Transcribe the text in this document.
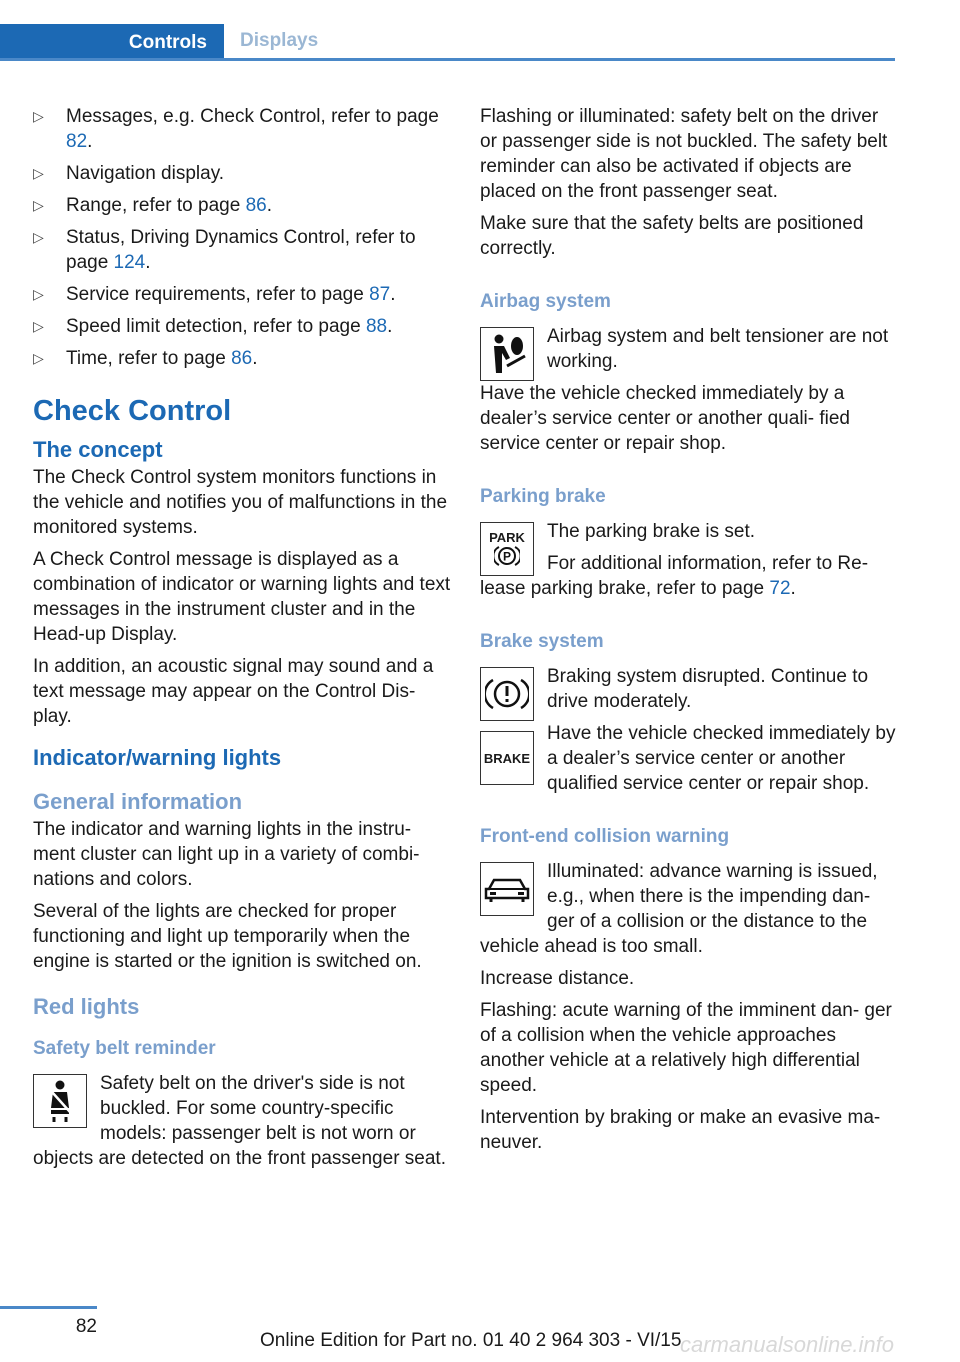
Controls Displays
▷ Messages, e.g. Check Control, refer to page 82.
▷ Navigation display.
▷ Range, refer to page 86.
▷ Status, Driving Dynamics Control, refer to page 124.
▷ Service requirements, refer to page 87.
▷ Speed limit detection, refer to page 88.
▷ Time, refer to page 86.
Check Control
The concept

The Check Control system monitors functions in the vehicle and notifies you of malfunctions in the monitored systems.

A Check Control message is displayed as a combination of indicator or warning lights and text messages in the instrument cluster and in the Head-up Display.

In addition, an acoustic signal may sound and a text message may appear on the Control Dis‐ play.

Indicator/warning lights
General information

The indicator and warning lights in the instru‐ ment cluster can light up in a variety of combi‐ nations and colors.

Several of the lights are checked for proper functioning and light up temporarily when the engine is started or the ignition is switched on.

Red lights
Safety belt reminder

Safety belt on the driver's side is not buckled. For some country-specific models: passenger belt is not worn or objects are detected on the front passenger seat.

Flashing or illuminated: safety belt on the driver or passenger side is not buckled. The safety belt reminder can also be activated if objects are placed on the front passenger seat.

Make sure that the safety belts are positioned correctly.

Airbag system

Airbag system and belt tensioner are not working.

Have the vehicle checked immediately by a dealer’s service center or another quali‐ fied service center or repair shop.

Parking brake
PARK
P

The parking brake is set.

For additional information, refer to Re‐ lease parking brake, refer to page 72.

Brake system
BRAKE

Braking system disrupted. Continue to drive moderately.

Have the vehicle checked immediately by a dealer’s service center or another qualified service center or repair shop.

Front-end collision warning

Illuminated: advance warning is issued, e.g., when there is the impending dan‐ ger of a collision or the distance to the vehicle ahead is too small.

Increase distance.

Flashing: acute warning of the imminent dan‐ ger of a collision when the vehicle approaches another vehicle at a relatively high differential speed.

Intervention by braking or make an evasive ma‐ neuver.

82
Online Edition for Part no. 01 40 2 964 303 - VI/15
carmanualsonline.info
